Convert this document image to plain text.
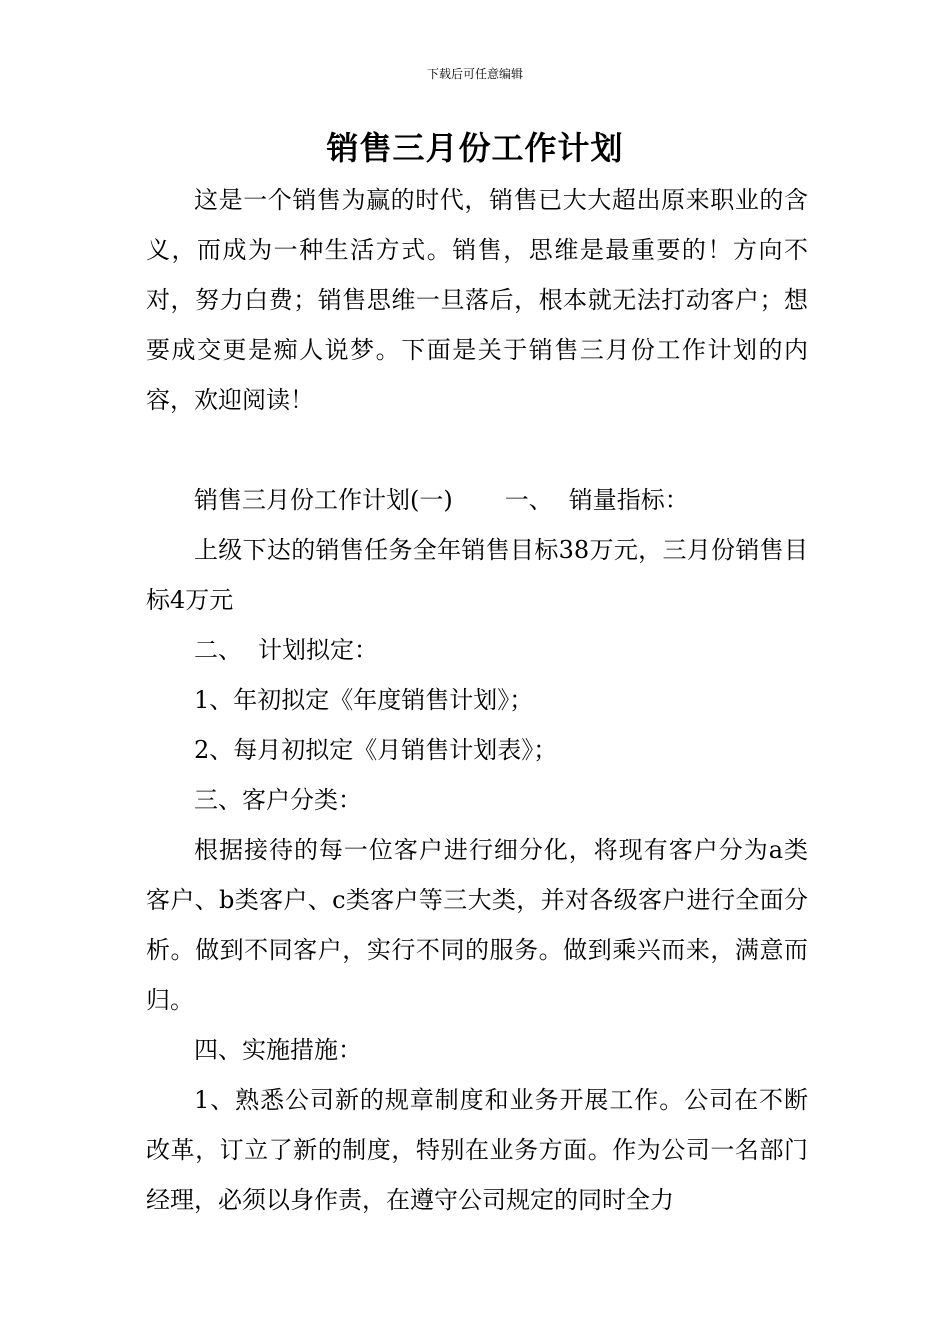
下载后可任意编辑
销售三月份工作计划

这是一个销售为赢的时代，销售已大大超出原来职业的含义，而成为一种生活方式。销售，思维是最重要的！方向不对，努力白费；销售思维一旦落后，根本就无法打动客户；想要成交更是痴人说梦。下面是关于销售三月份工作计划的内容，欢迎阅读！

销售三月份工作计划(一) 一、 销量指标：

上级下达的销售任务全年销售目标38万元，三月份销售目标4万元

二、 计划拟定：

1、年初拟定《年度销售计划》；

2、每月初拟定《月销售计划表》；

三、客户分类：

根据接待的每一位客户进行细分化，将现有客户分为a类客户、b类客户、c类客户等三大类，并对各级客户进行全面分析。做到不同客户，实行不同的服务。做到乘兴而来，满意而归。

四、实施措施：

1、熟悉公司新的规章制度和业务开展工作。公司在不断改革，订立了新的制度，特别在业务方面。作为公司一名部门经理，必须以身作责，在遵守公司规定的同时全力
